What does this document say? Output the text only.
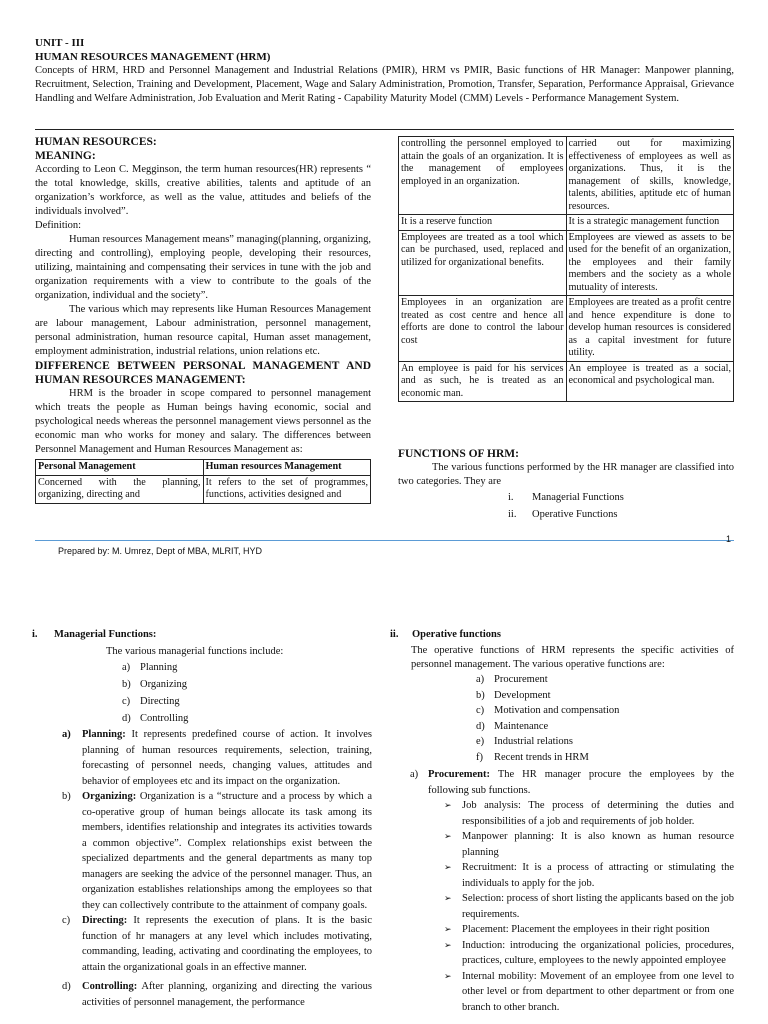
UNIT - III
HUMAN RESOURCES MANAGEMENT (HRM)
Concepts of HRM, HRD and Personnel Management and Industrial Relations (PMIR), HRM vs PMIR, Basic functions of HR Manager: Manpower planning, Recruitment, Selection, Training and Development, Placement, Wage and Salary Administration, Promotion, Transfer, Separation, Performance Appraisal, Grievance Handling and Welfare Administration, Job Evaluation and Merit Rating - Capability Maturity Model (CMM) Levels - Performance Management System.
HUMAN RESOURCES:
MEANING:
According to Leon C. Megginson, the term human resources(HR) represents “ the total knowledge, skills, creative abilities, talents and aptitude of an organization’s workforce, as well as the value, attitudes and beliefs of the individuals involved”.
Definition:
Human resources Management means” managing(planning, organizing, directing and controlling), employing people, developing their resources, utilizing, maintaining and compensating their services in tune with the job and organization requirements with a view to contribute to the goals of the organization, individual and the society”.
The various which may represents like Human Resources Management are labour management, Labour administration, personnel management, personal administration, human resource capital, Human asset management, employment administration, industrial relations, union relations etc.
DIFFERENCE BETWEEN PERSONAL MANAGEMENT AND HUMAN RESOURCES MANAGEMENT:
HRM is the broader in scope compared to personnel management which treats the people as Human beings having economic, social and psychological needs whereas the personnel management views personnel as the economic man who works for money and salary. The differences between Personnel Management and Human Resources Management as:
Personal Management	Human resources Management
Concerned with the planning, organizing, directing and	It refers to the set of programmes, functions, activities designed and
controlling the personnel employed to attain the goals of an organization. It is the management of employees employed in an organization.	carried out for maximizing effectiveness of employees as well as organizations. Thus, it is the management of skills, knowledge, talents, abilities, aptitude etc of human resources.
It is a reserve function	It is a strategic management function
Employees are treated as a tool which can be purchased, used, replaced and utilized for organizational benefits.	Employees are viewed as assets to be used for the benefit of an organization, the employees and their family members and the society as a whole mutuality of interests.
Employees in an organization are treated as cost centre and hence all efforts are done to control the labour cost	Employees are treated as a profit centre and hence expenditure is done to develop human resources is considered as a capital investment for future utility.
An employee is paid for his services and as such, he is treated as an economic man.	An employee is treated as a social, economical and psychological man.
FUNCTIONS OF HRM:
The various functions performed by the HR manager are classified into two categories. They are
i.	Managerial Functions
ii.	Operative Functions
1
Prepared by: M. Umrez, Dept of MBA, MLRIT, HYD
i.	Managerial Functions:
The various managerial functions include:
a) Planning
b) Organizing
c) Directing
d) Controlling
a)	Planning: It represents predefined course of action. It involves planning of human resources requirements, selection, training, forecasting of personnel needs, changing values, attitudes and behavior of employees etc and its impact on the organization.
b)	Organizing: Organization is a “structure and a process by which a co-operative group of human beings allocate its task among its members, identifies relationship and integrates its activities towards a common objective”. Complex relationships exist between the specialized departments and the general departments as many top managers are seeking the advice of the personnel manager. Thus, an organization establishes relationships among the employees so that they can collectively contribute to the attainment of company goals.
c)	Directing: It represents the execution of plans. It is the basic function of hr managers at any level which includes motivating, commanding, leading, activating and coordinating the employees, to attain the organizational goals in an effective manner.
d)	Controlling: After planning, organizing and directing the various activities of personnel management, the performance
ii.	Operative functions
The operative functions of HRM represents the specific activities of personnel management. The various operative functions are:
a) Procurement
b) Development
c) Motivation and compensation
d) Maintenance
e) Industrial relations
f)	Recent trends in HRM
a) Procurement: The HR manager procure the employees by the following sub functions.
➢ Job analysis: The process of determining the duties and responsibilities of a job and requirements of job holder.
➢ Manpower planning: It is also known as human resource planning
➢ Recruitment: It is a process of attracting or stimulating the individuals to apply for the job.
➢ Selection: process of short listing the applicants based on the job requirements.
➢ Placement: Placement the employees in their right position
➢ Induction: introducing the organizational policies, procedures, practices, culture, employees to the newly appointed employee
➢ Internal mobility: Movement of an employee from one level to other level or from department to other department or from one branch to other branch.
